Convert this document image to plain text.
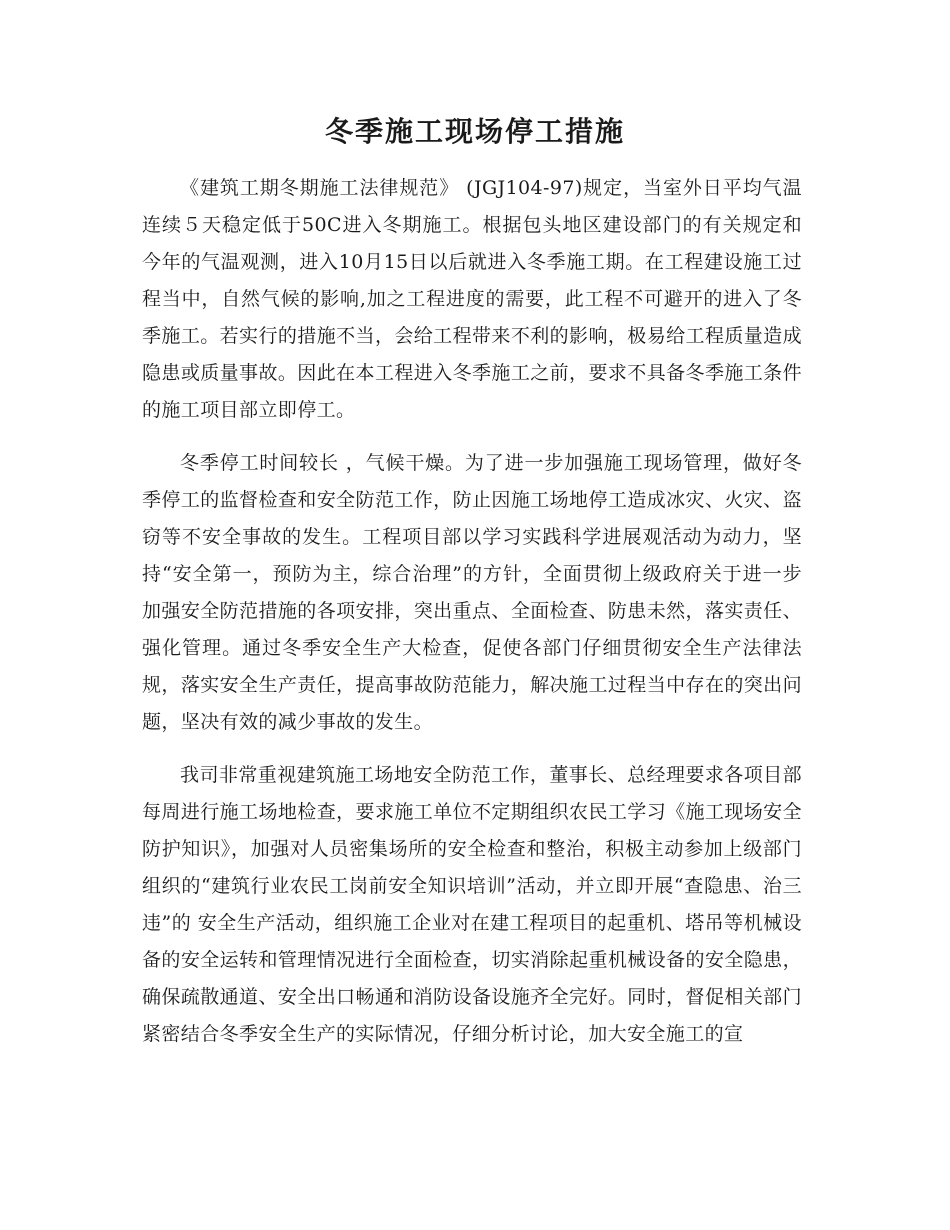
冬季施工现场停工措施

《建筑工期冬期施工法律规范》 (JGJ104-97)规定，当室外日平均气温连续５天稳定低于50C进入冬期施工。根据包头地区建设部门的有关规定和今年的气温观测，进入10月15日以后就进入冬季施工期。在工程建设施工过程当中，自然气候的影响,加之工程进度的需要，此工程不可避开的进入了冬季施工。若实行的措施不当，会给工程带来不利的影响，极易给工程质量造成隐患或质量事故。因此在本工程进入冬季施工之前，要求不具备冬季施工条件的施工项目部立即停工。

冬季停工时间较长 ，气候干燥。为了进一步加强施工现场管理，做好冬季停工的监督检查和安全防范工作，防止因施工场地停工造成冰灾、火灾、盗窃等不安全事故的发生。工程项目部以学习实践科学进展观活动为动力，坚持“安全第一，预防为主，综合治理”的方针，全面贯彻上级政府关于进一步加强安全防范措施的各项安排，突出重点、全面检查、防患未然，落实责任、强化管理。通过冬季安全生产大检查，促使各部门仔细贯彻安全生产法律法规，落实安全生产责任，提高事故防范能力，解决施工过程当中存在的突出问题，坚决有效的减少事故的发生。

我司非常重视建筑施工场地安全防范工作，董事长、总经理要求各项目部每周进行施工场地检查，要求施工单位不定期组织农民工学习《施工现场安全防护知识》，加强对人员密集场所的安全检查和整治，积极主动参加上级部门组织的“建筑行业农民工岗前安全知识培训”活动，并立即开展“查隐患、治三违”的 安全生产活动，组织施工企业对在建工程项目的起重机、塔吊等机械设备的安全运转和管理情况进行全面检查，切实消除起重机械设备的安全隐患，确保疏散通道、安全出口畅通和消防设备设施齐全完好。同时，督促相关部门紧密结合冬季安全生产的实际情况，仔细分析讨论，加大安全施工的宣
